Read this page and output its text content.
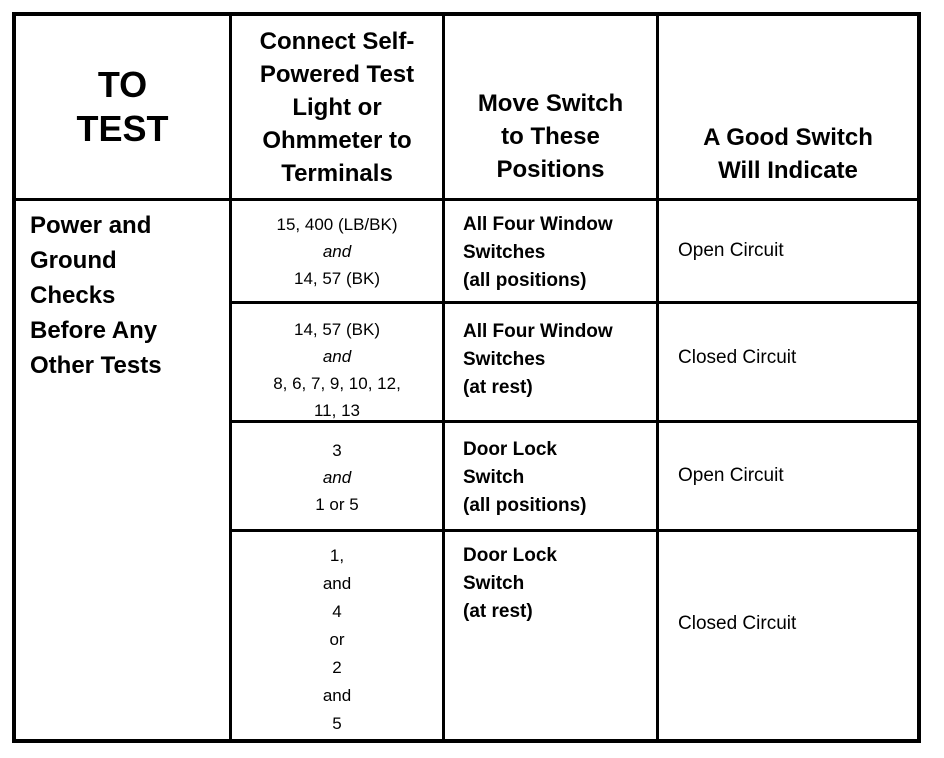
TO
TEST
Connect Self-
Powered Test
Light or
Ohmmeter to
Terminals
Move Switch
to These
Positions
A Good Switch
Will Indicate
Power and
Ground
Checks
Before Any
Other Tests
15, 400 (LB/BK)
and
14, 57 (BK)
All Four Window
Switches
(all positions)
Open Circuit
14, 57 (BK)
and
8, 6, 7, 9, 10, 12,
11, 13
All Four Window
Switches
(at rest)
Closed Circuit
3
and
1 or 5
Door Lock
Switch
(all positions)
Open Circuit
1,
and
4
or
2
and
5
Door Lock
Switch
(at rest)
Closed Circuit
